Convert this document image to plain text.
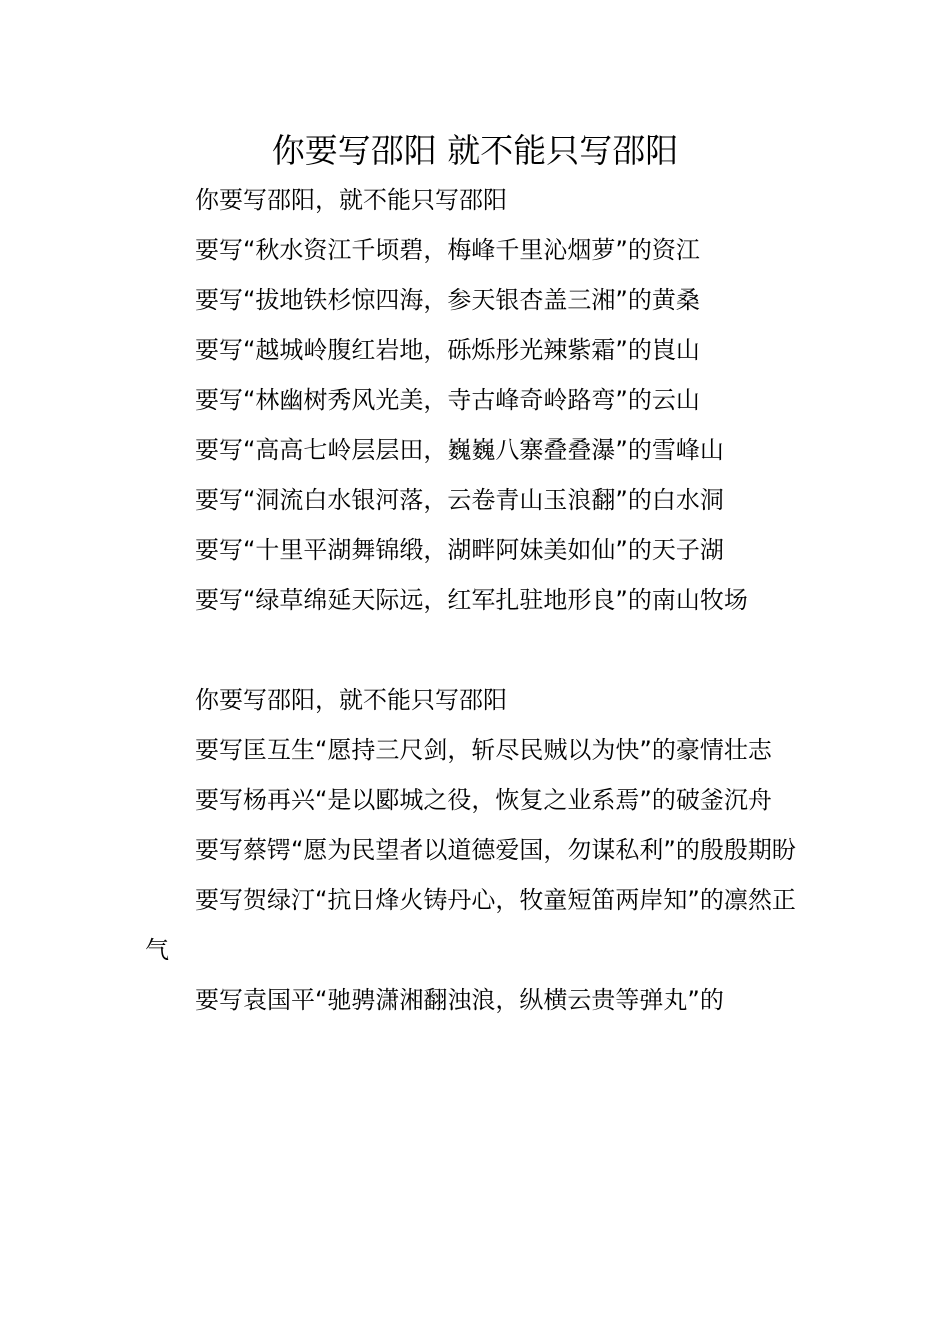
你要写邵阳 就不能只写邵阳

你要写邵阳，就不能只写邵阳

要写“秋水资江千顷碧，梅峰千里沁烟萝”的资江

要写“拔地铁杉惊四海，参天银杏盖三湘”的黄桑

要写“越城岭腹红岩地，砾烁彤光辣紫霜”的崀山

要写“林幽树秀风光美，寺古峰奇岭路弯”的云山

要写“高高七岭层层田，巍巍八寨叠叠瀑”的雪峰山

要写“洞流白水银河落，云卷青山玉浪翻”的白水洞

要写“十里平湖舞锦缎，湖畔阿妹美如仙”的天子湖

要写“绿草绵延天际远，红军扎驻地形良”的南山牧场

你要写邵阳，就不能只写邵阳

要写匡互生“愿持三尺剑，斩尽民贼以为快”的豪情壮志

要写杨再兴“是以郾城之役，恢复之业系焉”的破釜沉舟

要写蔡锷“愿为民望者以道德爱国，勿谋私利”的殷殷期盼

要写贺绿汀“抗日烽火铸丹心，牧童短笛两岸知”的凛然正气

要写袁国平“驰骋潇湘翻浊浪，纵横云贵等弹丸”的
